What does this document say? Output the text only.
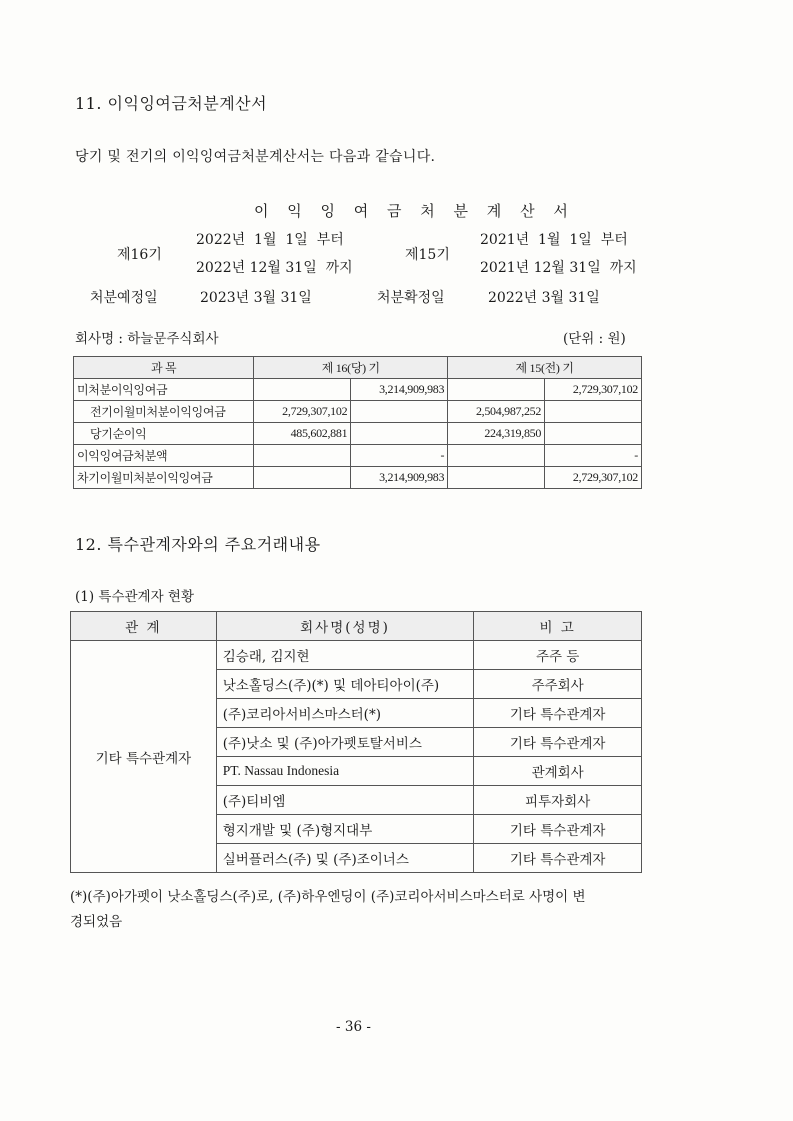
11. 이익잉여금처분계산서
당기 및 전기의 이익잉여금처분계산서는 다음과 같습니다.
이 익 잉 여 금 처 분 계 산 서
제16기
2022년  1월  1일  부터
2022년 12월 31일  까지
처분예정일	2023년 3월 31일
제15기
2021년  1월  1일  부터
2021년 12월 31일  까지
처분확정일	2022년 3월 31일
회사명 : 하늘문주식회사	(단위 : 원)
과 목	제 16(당) 기		제 15(전) 기	
미처분이익잉여금		3,214,909,983		2,729,307,102
전기이월미처분이익잉여금	2,729,307,102		2,504,987,252	
당기순이익	485,602,881		224,319,850	
이익잉여금처분액		-		-
차기이월미처분이익잉여금		3,214,909,983		2,729,307,102
12. 특수관계자와의 주요거래내용
(1) 특수관계자 현황
관 계	회사명(성명)	비 고
기타 특수관계자	김승래, 김지현	주주 등
	낫소홀딩스(주)(*) 및 데아티아이(주)	주주회사
	(주)코리아서비스마스터(*)	기타 특수관계자
	(주)낫소 및 (주)아가펫토탈서비스	기타 특수관계자
	PT. Nassau Indonesia	관계회사
	(주)티비엠	피투자회사
	형지개발 및 (주)형지대부	기타 특수관계자
	실버플러스(주) 및 (주)조이너스	기타 특수관계자
(*)(주)아가펫이 낫소홀딩스(주)로, (주)하우엔딩이 (주)코리아서비스마스터로 사명이 변
경되었음
- 36 -
